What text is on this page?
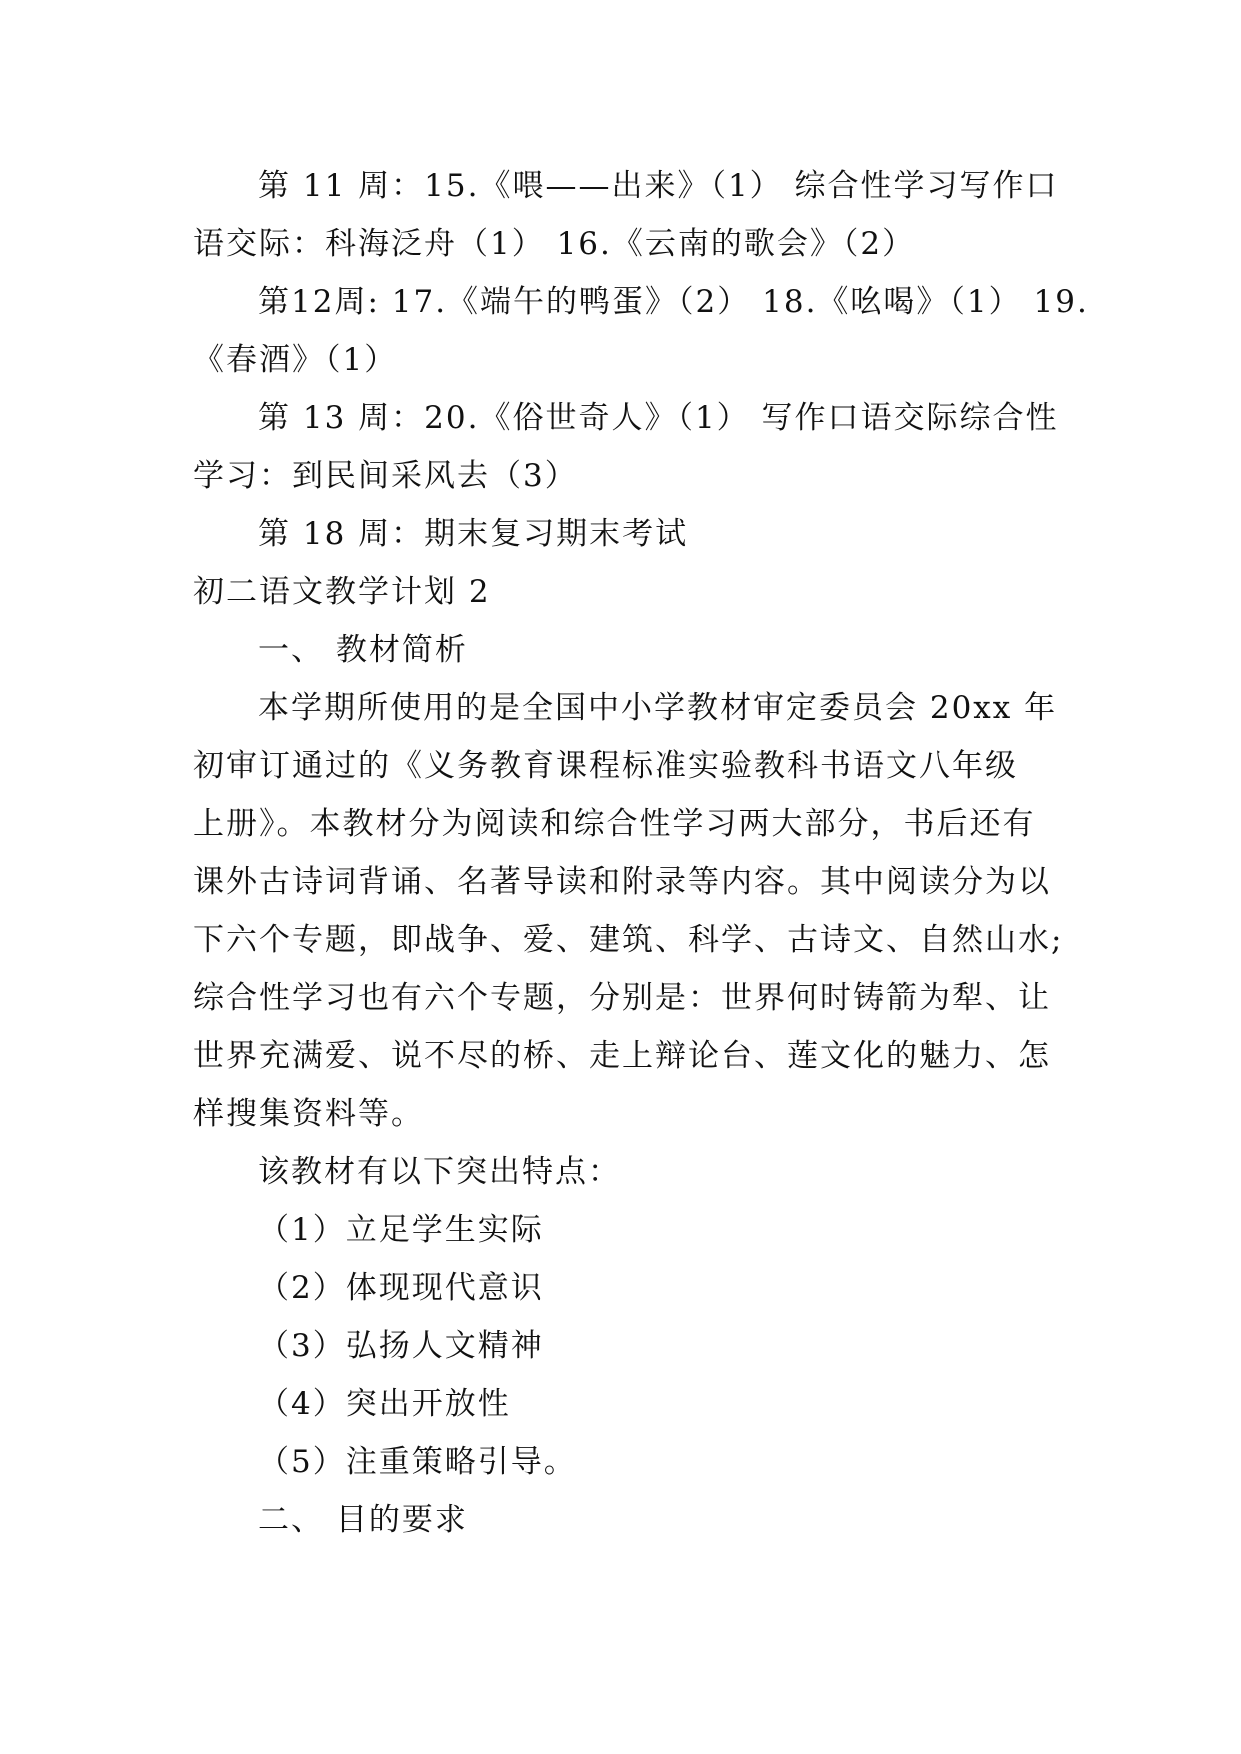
第 11 周：15.《喂——出来》（1） 综合性学习写作口
语交际：科海泛舟（1） 16.《云南的歌会》（2）
第12周: 17.《端午的鸭蛋》（2） 18.《吆喝》（1） 19.
《春酒》（1）
第 13 周：20.《俗世奇人》（1） 写作口语交际综合性
学习：到民间采风去（3）
第 18 周：期末复习期末考试
初二语文教学计划 2
一、 教材简析
本学期所使用的是全国中小学教材审定委员会 20xx 年
初审订通过的《义务教育课程标准实验教科书语文八年级
上册》。本教材分为阅读和综合性学习两大部分，书后还有
课外古诗词背诵、名著导读和附录等内容。其中阅读分为以
下六个专题，即战争、爱、建筑、科学、古诗文、自然山水;
综合性学习也有六个专题，分别是：世界何时铸箭为犁、让
世界充满爱、说不尽的桥、走上辩论台、莲文化的魅力、怎
样搜集资料等。
该教材有以下突出特点：
（1）立足学生实际
（2）体现现代意识
（3）弘扬人文精神
（4）突出开放性
（5）注重策略引导。
二、 目的要求
